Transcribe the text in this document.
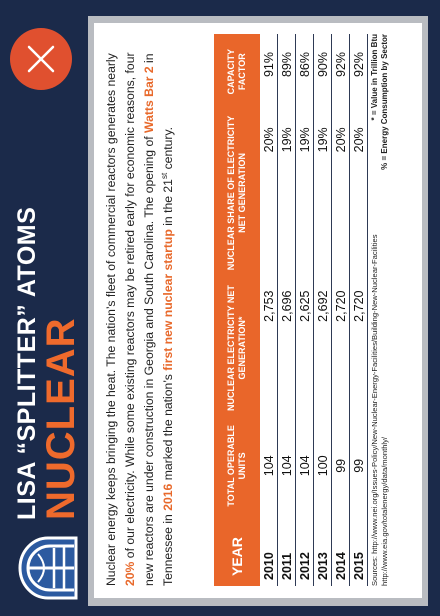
LISA “SPLITTER” ATOMS
NUCLEAR Nuclear energy keeps bringing the heat. The nation’s fleet of commercial reactors generates nearly 20% of our electricity. While some existing reactors may be retired early for economic reasons, four new reactors are under construction in Georgia and South Carolina. The opening of Watts Bar 2 in Tennessee in 2016 marked the nation’s first new nuclear startup in the 21st century.

YEAR	TOTAL OPERABLE UNITS	NUCLEAR ELECTRICITY NET GENERATION*	NUCLEAR SHARE OF ELECTRICITY NET GENERATION	CAPACITY FACTOR
2010	104	2,753	20%	91%
2011	104	2,696	19%	89%
2012	104	2,625	19%	86%
2013	100	2,692	19%	90%
2014	99	2,720	20%	92%
2015	99	2,720	20%	92%
Sources: http://www.nei.org/Issues-Policy/New-Nuclear-Energy-Facilities/Building-New-Nuclear-Facilities http://www.eia.gov/totalenergy/data/monthly/
* = Value in Trillion Btu % = Energy Consumption by Sector
